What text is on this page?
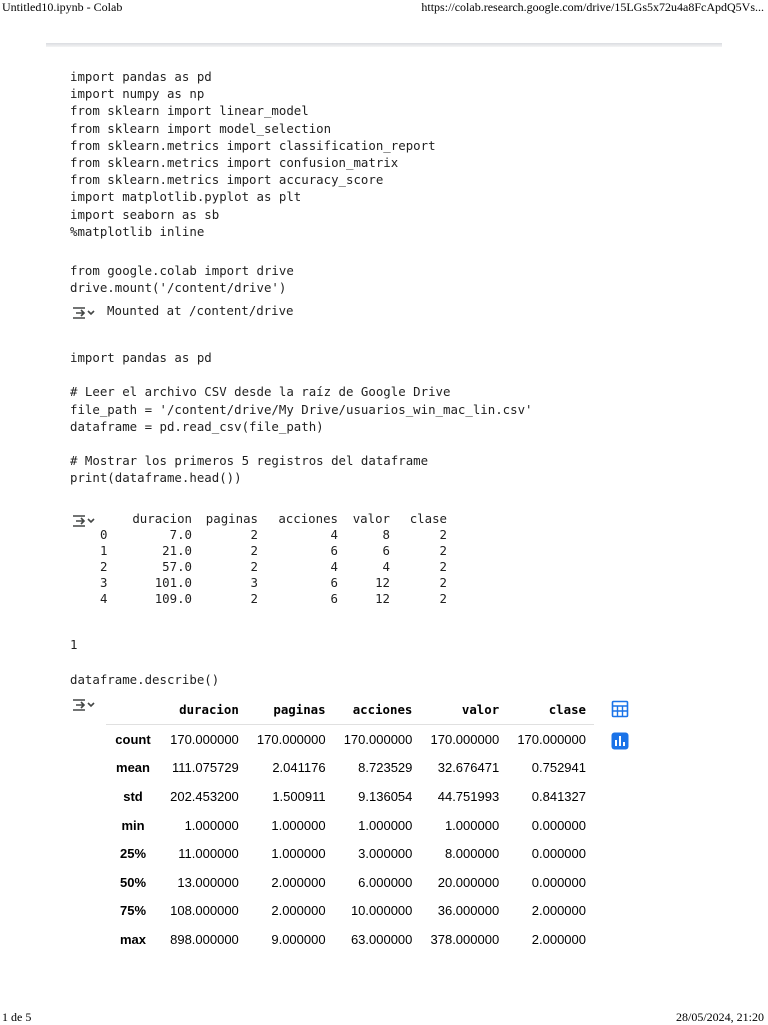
Untitled10.ipynb - Colab	https://colab.research.google.com/drive/15LGs5x72u4a8FcApdQ5Vs...
import pandas as pd
import numpy as np
from sklearn import linear_model
from sklearn import model_selection
from sklearn.metrics import classification_report
from sklearn.metrics import confusion_matrix
from sklearn.metrics import accuracy_score
import matplotlib.pyplot as plt
import seaborn as sb
%matplotlib inline
from google.colab import drive
drive.mount('/content/drive')
Mounted at /content/drive
import pandas as pd

# Leer el archivo CSV desde la raíz de Google Drive
file_path = '/content/drive/My Drive/usuarios_win_mac_lin.csv'
dataframe = pd.read_csv(file_path)

# Mostrar los primeros 5 registros del dataframe
print(dataframe.head())
	duracion	paginas	acciones	valor	clase
0	7.0	2	4	8	2
1	21.0	2	6	6	2
2	57.0	2	4	4	2
3	101.0	3	6	12	2
4	109.0	2	6	12	2
1
dataframe.describe()
	duracion	paginas	acciones	valor	clase
count	170.000000	170.000000	170.000000	170.000000	170.000000
mean	111.075729	2.041176	8.723529	32.676471	0.752941
std	202.453200	1.500911	9.136054	44.751993	0.841327
min	1.000000	1.000000	1.000000	1.000000	0.000000
25%	11.000000	1.000000	3.000000	8.000000	0.000000
50%	13.000000	2.000000	6.000000	20.000000	0.000000
75%	108.000000	2.000000	10.000000	36.000000	2.000000
max	898.000000	9.000000	63.000000	378.000000	2.000000
1 de 5	28/05/2024, 21:20
